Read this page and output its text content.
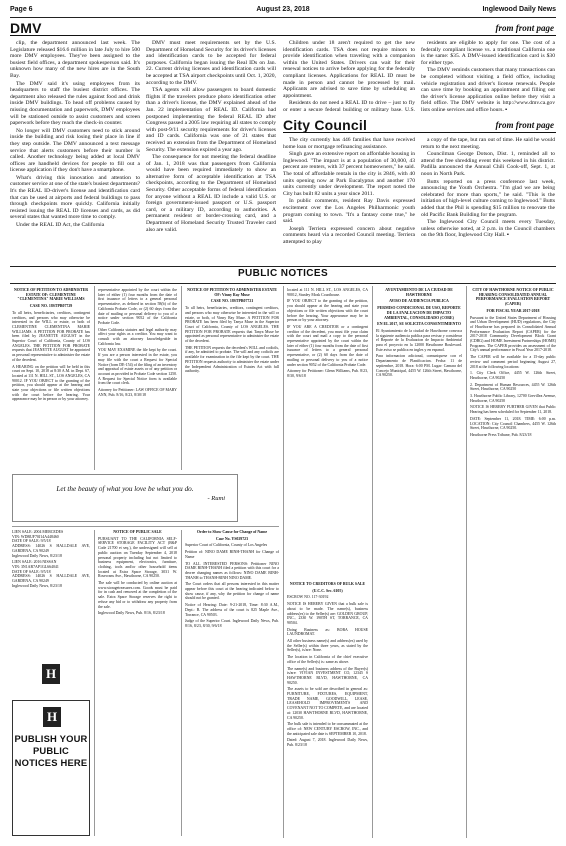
Page 6	August 23, 2018	Inglewood Daily News
DMV	from front page

clip, the department announced last week. The Legislature released $16.6 million in late July to hire 500 more DMV employees. They've been assigned to the busiest field offices, a department spokesperson said. It's unknown how many of the new hires are in the South Bay.

The DMV said it's using employees from its headquarters to staff the busiest district offices. The department also released the rules against food and drink inside DMV buildings. To head off problems caused by missing documentation and paperwork, DMV employees will be stationed outside to assist customers and screen paperwork before they reach the check-in counter.

No longer will DMV customers need to stick around inside the building and risk losing their place in line if they step outside. The DMV announced a text message service that alerts customers before their number is called. Another technology being added at local DMV offices are handheld devices for people to fill out a license application if they don't have a smartphone.

What's driving this innovation and attention to customer service at one of the state's busiest departments? It's the REAL ID-driver's license and identification card that can be used at airports and federal buildings to pass through checkpoints more quickly. California initially resisted issuing the REAL ID licenses and cards, as did several states that wanted more time to comply.

Under the REAL ID Act, the California

DMV must meet requirements set by the U.S. Department of Homeland Security for its driver's licenses and identification cards to be accepted for federal purposes. California began issuing the Real IDs on Jan. 22. Current driving licenses and identification cards will be accepted at TSA airport checkpoints until Oct. 1, 2020, according to the DMV.

TSA agents will allow passengers to board domestic flights if the travelers produce photo identification other than a driver's license, the DMV explained ahead of the Jan. 22 implementation of REAL ID. California had postponed implementing the federal REAL ID after Congress passed a 2005 law requiring all states to comply with post-9/11 security requirements for driver's licenses and ID cards. California was one of 21 states that received an extension from the Department of Homeland Security. The extension expired a year ago.

The consequence for not meeting the federal deadline of Jan. 1, 2018 was that passengers from California would have been required immediately to show an alternative form of acceptable identification at TSA checkpoints, according to the Department of Homeland Security. Other acceptable forms of federal identification for anyone without a REAL ID include a valid U.S. or foreign government-issued passport or U.S. passport card, or a military ID, according to authorities. A permanent resident or border-crossing card, and a Department of Homeland Security Trusted Traveler card also are valid.

Children under 18 aren't required to get the new identification cards. TSA does not require minors to provide identification when traveling with a companion within the United States. Drivers can wait for their renewal notices to arrive before applying for the federally compliant licenses. Applications for REAL ID must be made in person and cannot be processed by mail. Applicants are advised to save time by scheduling an appointment.

Residents do not need a REAL ID to drive – just to fly or enter a secure federal building or military base. U.S.

residents are eligible to apply for one. The cost of a federally compliant license vs. a traditional California one is the same: $35. A DMV-issued identification card is $30 for either type.

The DMV reminds customers that many transactions can be completed without visiting a field office, including vehicle registration and driver's license renewals. People can save time by booking an appointment and filling out the driver's license application online before they visit a field office. The DMV website is http://www.dmv.ca.gov lists online services and office hours. ▪

City Council	from front page

The city currently has 446 families that have received home loan or mortgage refinancing assistance.

Singh gave an extensive report on affordable housing in Inglewood. "The impact is at a population of 30,000, 43 percent are renters, with 37 percent homeowners," he said. The total of affordable rentals in the city is 2846, with 40 units opening now at Park Eucalyptus and another 170 units currently under development. The report noted the City has built 82 units a year since 2011.

In public comments, resident Ray Davis expressed excitement over the Los Angeles Philharmonic youth program coming to town. "It's a fantasy come true," he said.

Joseph Terriera expressed concern about negative comments heard via a recorded Council meeting. Terriera attempted to play

a copy of the tape, but ran out of time. He said he would return to the next meeting.

Councilman George Dotson, Dist. 1, reminded all to attend the free shredding event this weekend in his district. Padilla announced the Annual Chili Cook-off, Sept. 1, at noon in North Park.

Butts reported on a press conference last week, announcing the Youth Orchestra. "I'm glad we are being celebrated for more than sports," he said. "This is the initiation of high-level culture coming to Inglewood." Butts added that the Phil is spending $15 million to renovate the old Pacific Bank Building for the program.

The Inglewood City Council meets every Tuesday, unless otherwise noted, at 2 p.m. in the Council chambers on the 9th floor, Inglewood City Hall. ▪

PUBLIC NOTICES

NOTICE OF PETITION TO ADMINISTER ESTATE OF: CLEMENTINE "CLEMENTINA" MARIE WILLIAMS

CASE NO. 18STPB07729

To all heirs, beneficiaries, creditors, contingent creditors, and persons who may otherwise be interested in the WILL or estate, or both of CLEMENTINE CLEMENTINA MARIE WILLIAMS. A PETITION FOR PROBATE has been filed by JEANETTE AUGUST in the Superior Court of California, County of LOS ANGELES. THE PETITION FOR PROBATE requests that JEANETTE AUGUST be appointed as personal representative to administer the estate of the decedent.

A HEARING on the petition will be held in this court on Sept. 10, 2018 at 8:30 A.M. in Dept. 67, located at 111 N. HILL ST., LOS ANGELES, CA 90012. IF YOU OBJECT to the granting of the petition, you should appear at the hearing and state your objections or file written objections with the court before the hearing. Your appearance may be in person or by your attorney.

representative appointed by the court within the later of either (1) four months from the date of first issuance of letters to a general personal representative, as defined in section 58(b) of the California Probate Code, or (2) 60 days from the date of mailing or personal delivery to you of a notice under section 9052 of the California Probate Code.

Other California statutes and legal authority may affect your rights as a creditor. You may want to consult with an attorney knowledgeable in California law.

YOU MAY EXAMINE the file kept by the court. If you are a person interested in the estate, you may file with the court a Request for Special Notice (form DE-154) of the filing of an inventory and appraisal of estate assets or of any petition or account as provided in Probate Code section 1250. A Request for Special Notice form is available from the court clerk.

Attorney for Petitioner: LAW OFFICE OF MARY ANN, Pub. 8/16, 8/23, 8/30/18

NOTICE OF PETITION TO ADMINISTER ESTATE OF: Vinny Ray Muse

CASE NO. 18STPB07721

To all heirs, beneficiaries, creditors, contingent creditors, and persons who may otherwise be interested in the will or estate, or both, of Vinny Ray Muse. A PETITION FOR PROBATE has been filed by Tanya Muse in the Superior Court of California, County of LOS ANGELES. THE PETITION FOR PROBATE requests that Tanya Muse be appointed as personal representative to administer the estate of the decedent.

THE PETITION requests the decedent's WILL and codicils, if any, be admitted to probate. The will and any codicils are available for examination in the file kept by the court. THE PETITION requests authority to administer the estate under the Independent Administration of Estates Act with full authority.

located at 111 N. HILL ST., LOS ANGELES, CA 90012, Stanley Mosk Courthouse.

IF YOU OBJECT to the granting of the petition, you should appear at the hearing and state your objections or file written objections with the court before the hearing. Your appearance may be in person or by your attorney.

IF YOU ARE A CREDITOR or a contingent creditor of the decedent, you must file your claim with the court and mail a copy to the personal representative appointed by the court within the later of either (1) four months from the date of first issuance of letters to a general personal representative, or (2) 60 days from the date of mailing or personal delivery to you of a notice under section 9052 of the California Probate Code.

Attorney for Petitioner: Glenn Williams, Pub. 8/23, 8/30, 9/6/18

AYUNTAMIENTO DE LA CIUDAD DE HAWTHORNE

AVISO DE AUDIENCIA PUBLICA

PERMISO CONDICIONAL DE USO, REPORTE DE LA EVALUACION DE IMPACTO AMBIENTAL, CONSOLIDADO (CORE)

EN EL 2017, SE SOLICITA CONSENTIMIENTO

El Ayuntamiento de la ciudad de Hawthorne convoca la siguiente audiencia publica para revisar y considerar el Reporte de la Evaluacion de Impacto Ambiental para el proyecto en la 12000 Hawthorne Boulevard. Este aviso se publica en ingles y en espanol.

Para informacion adicional, comuniquese con el Departamento de Planificacion. Fecha: 11 de septiembre, 2018. Hora: 6:00 PM. Lugar: Camara del Concejo Municipal, 4455 W. 126th Street, Hawthorne, CA 90250.

CITY OF HAWTHORNE NOTICE OF PUBLIC HEARING CONSOLIDATED ANNUAL PERFORMANCE EVALUATION REPORT (CAPER)

FOR FISCAL YEAR 2017-2018

Pursuant to the United States Department of Housing and Urban Development (HUD) regulations, the City of Hawthorne has prepared its Consolidated Annual Performance Evaluation Report (CAPER) for the 2017-2018 Community Development Block Grant (CDBG) and HOME Investment Partnerships (HOME) Programs. The CAPER provides an assessment of the City's annual performance in Fiscal Year 2017-2018.

The CAPER will be available for a 15-day public review and comment period beginning August 27, 2018 at the following locations:

1. City Clerk Office, 4455 W. 126th Street, Hawthorne, CA 90250

2. Department of Human Resources, 4455 W. 126th Street, Hawthorne, CA 90250

3. Hawthorne Public Library, 12700 Grevillea Avenue, Hawthorne, CA 90250

NOTICE IS HEREBY FURTHER GIVEN that Public Hearing has been scheduled for September 11, 2018.

DATE: September 11, 2018. TIME: 6:00 p.m. LOCATION: City Council Chambers, 4455 W. 126th Street, Hawthorne, CA 90250.

Hawthorne Press Tribune, Pub. 8/23/18

Let the beauty of what you love be what you do.
- Rumi

LIEN SALE: 2004 MERCEDES

VIN: WDBUF70J14A448460

DATE OF SALE: 9/5/18

ADDRESS: 14026 S HALLDALE AVE, GARDENA, CA 90249

Inglewood Daily News, 8/23/18

LIEN SALE: 2016 NISSAN

VIN: 3N1AB7AP1GL664041

DATE OF SALE: 9/5/18

ADDRESS: 14026 S HALLDALE AVE, GARDENA, CA 90249

Inglewood Daily News, 8/23/18

H
H
PUBLISH YOUR PUBLIC NOTICES HERE

NOTICE OF PUBLIC SALE

PURSUANT TO THE CALIFORNIA SELF-SERVICE STORAGE FACILITY ACT (B&P Code 21700 et seq.), the undersigned will sell at public auction on Tuesday September 4, 2018 personal property including but not limited to business equipment, electronics, furniture, clothing, tools and/or other household items located at Extra Space Storage, 3031 W. Rosecrans Ave., Hawthorne, CA 90250.

The sale will be conducted by online auction at www.storagetreasures.com. Goods must be paid for in cash and removed at the completion of the sale. Extra Space Storage reserves the right to refuse any bid or to withdraw any property from the sale.

Inglewood Daily News, Pub. 8/16, 8/23/18

Order to Show Cause for Change of Name

Case No. YS029723

Superior Court of California, County of Los Angeles

Petition of: NINO DAME BINH-THANH for Change of Name

TO ALL INTERESTED PERSONS: Petitioner NINO DAME BINH-THANH filed a petition with this court for a decree changing names as follows: NINO DAME BINH-THANH to THANH-BINH NINO DAME.

The Court orders that all persons interested in this matter appear before this court at the hearing indicated below to show cause, if any, why the petition for change of name should not be granted.

Notice of Hearing: Date: 9-21-2018, Time: 8:30 A.M., Dept.: B. The address of the court is 825 Maple Ave., Torrance, CA 90503.

Judge of the Superior Court. Inglewood Daily News, Pub. 8/16, 8/23, 8/30, 9/6/18

NOTICE TO CREDITORS OF BULK SALE

(U.C.C. Sec. 6105)

ESCROW NO. 117-30192

NOTICE IS HEREBY GIVEN that a bulk sale is about to be made. The name(s), business address(es) to the Seller(s) are: GOLDEN GROUP, INC., 2330 W. 190TH ST, TORRANCE, CA 90504.

Doing Business as: BOBA HOUSE LAUNDROMAT.

All other business name(s) and address(es) used by the Seller(s) within three years, as stated by the Seller(s), is/are: None.

The location in California of the chief executive office of the Seller(s) is: same as above.

The name(s) and business address of the Buyer(s) is/are: VIVIAN INVESTMENT CO, 12345 S HAWTHORNE BLVD, HAWTHORNE, CA 90250.

The assets to be sold are described in general as: FURNITURE, FIXTURES, EQUIPMENT, TRADE NAME, GOODWILL, LEASE, LEASEHOLD IMPROVEMENTS AND COVENANT NOT TO COMPETE, and are located at: 12030 HAWTHORNE BLVD, HAWTHORNE, CA 90250.

The bulk sale is intended to be consummated at the office of: NEW CENTURY ESCROW, INC., and the anticipated sale date is SEPTEMBER 10, 2018.

Dated: August 7, 2018. Inglewood Daily News, Pub. 8/23/18
